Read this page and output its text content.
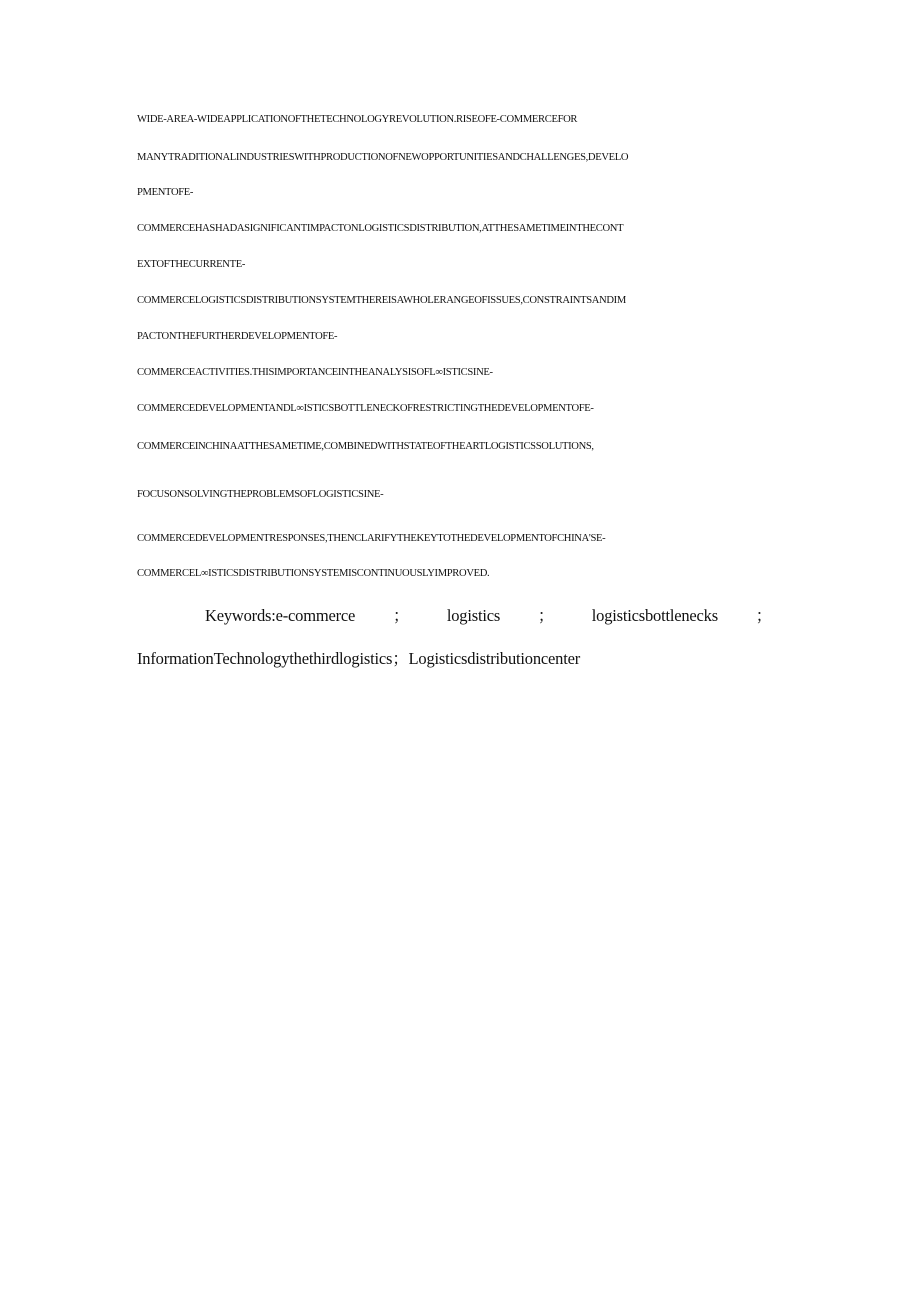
WIDE-AREA-WIDEAPPLICATIONOFTHETECHNOLOGYREVOLUTION.RISEOFE-COMMERCEFOR
MANYTRADITIONALINDUSTRIESWITHPRODUCTIONOFNEWOPPORTUNITIESANDCHALLENGES,DEVELO
PMENTOFE-
COMMERCEHASHADASIGNIFICANTIMPACTONLOGISTICSDISTRIBUTION,ATTHESAMETIMEINTHECONT
EXTOFTHECURRENTE-
COMMERCELOGISTICSDISTRIBUTIONSYSTEMTHEREISAWHOLERANGEOFISSUES,CONSTRAINTSANDIM
PACTONTHEFURTHERDEVELOPMENTOFE-
COMMERCEACTIVITIES.THISIMPORTANCEINTHEANALYSISOFL∞ISTICSINE-
COMMERCEDEVELOPMENTANDL∞ISTICSBOTTLENECKOFRESTRICTINGTHEDEVELOPMENTOFE-
COMMERCEINCHINAATTHESAMETIME,COMBINEDWITHSTATEOFTHEARTLOGISTICSSOLUTIONS,
FOCUSONSOLVINGTHEPROBLEMSOFLOGISTICSINE-
COMMERCEDEVELOPMENTRESPONSES,THENCLARIFYTHEKEYTOTHEDEVELOPMENTOFCHINA'SE-
COMMERCEL∞ISTICSDISTRIBUTIONSYSTEMISCONTINUOUSLYIMPROVED.
Keywords:e-commerce ； logistics ； logisticsbottlenecks ；
InformationTechnologythethirdlogistics ； Logisticsdistributioncenter
